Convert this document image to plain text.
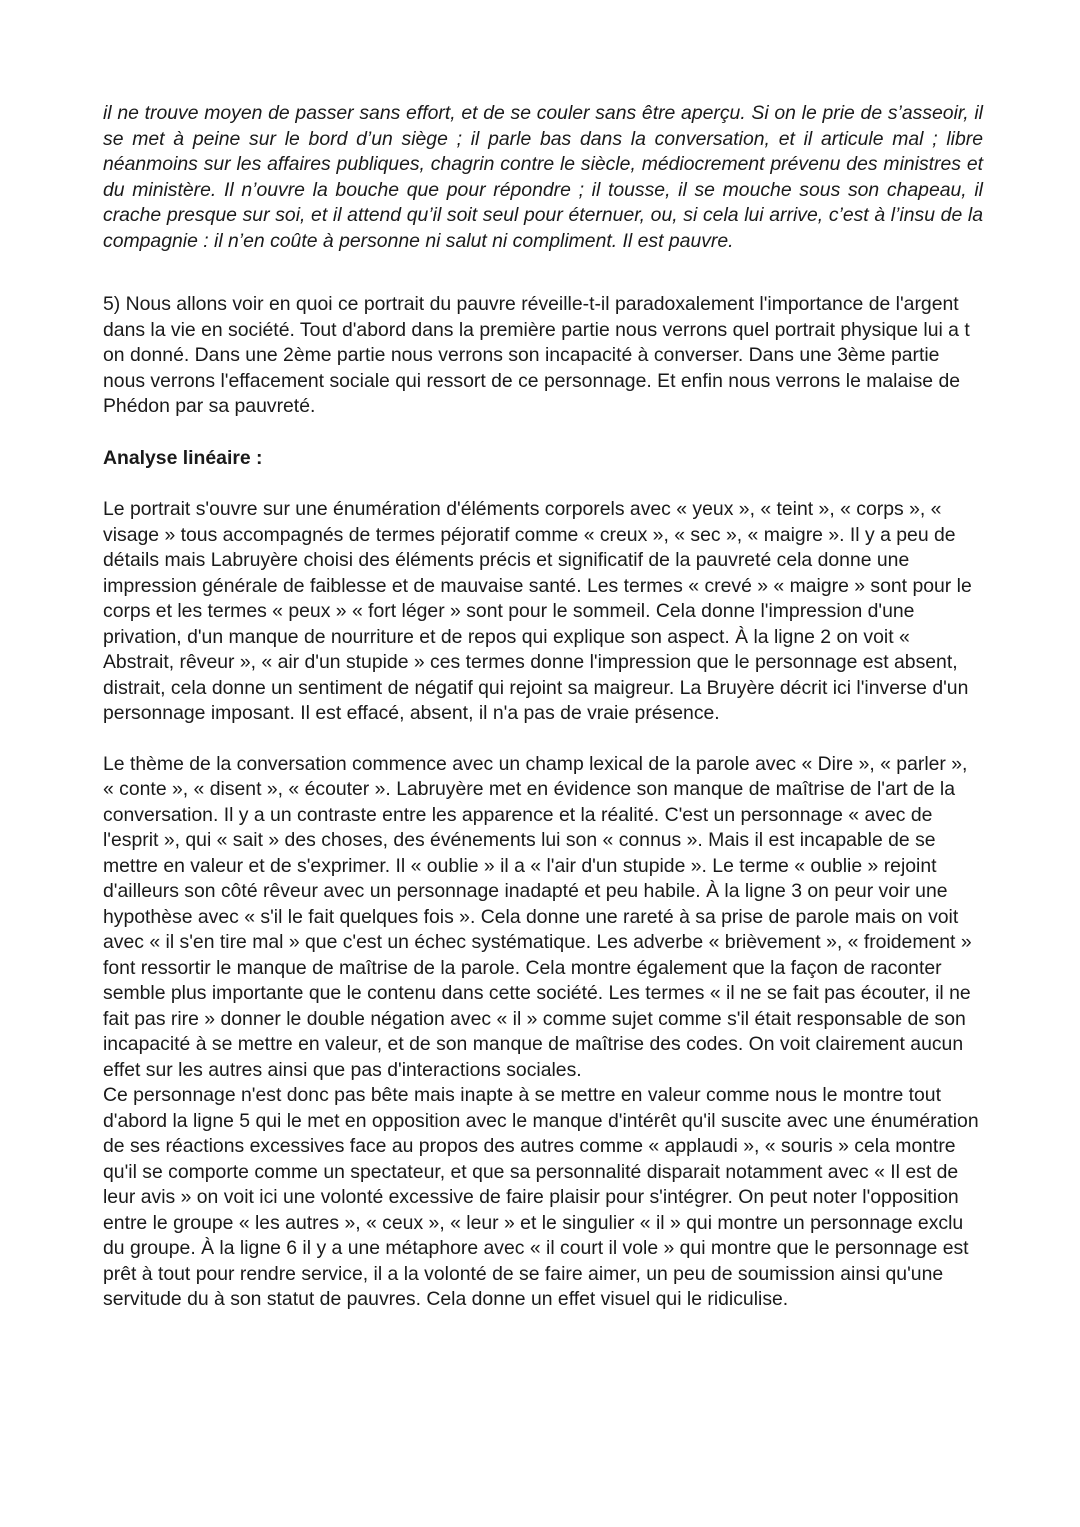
il ne trouve moyen de passer sans effort, et de se couler sans être aperçu. Si on le prie de s’asseoir, il se met à peine sur le bord d’un siège ; il parle bas dans la conversation, et il articule mal ; libre néanmoins sur les affaires publiques, chagrin contre le siècle, médiocrement prévenu des ministres et du ministère. Il n’ouvre la bouche que pour répondre ; il tousse, il se mouche sous son chapeau, il crache presque sur soi, et il attend qu’il soit seul pour éternuer, ou, si cela lui arrive, c’est à l’insu de la compagnie : il n’en coûte à personne ni salut ni compliment. Il est pauvre.

5) Nous allons voir en quoi ce portrait du pauvre réveille-t-il paradoxalement l'importance de l'argent dans la vie en société. Tout d'abord dans la première partie nous verrons quel portrait physique lui a t on donné. Dans une 2ème partie nous verrons son incapacité à converser. Dans une 3ème partie nous verrons l'effacement sociale qui ressort de ce personnage. Et enfin nous verrons le malaise de Phédon par sa pauvreté.

Analyse linéaire :

Le portrait s'ouvre sur une énumération d'éléments corporels avec « yeux », « teint », « corps », « visage » tous accompagnés de termes péjoratif comme « creux », « sec », « maigre ». Il y a peu de détails mais Labruyère choisi des éléments précis et significatif de la pauvreté cela donne une impression générale de faiblesse et de mauvaise santé. Les termes « crevé » « maigre » sont pour le corps et les termes « peux » « fort léger » sont pour le sommeil. Cela donne l'impression d'une privation, d'un manque de nourriture et de repos qui explique son aspect. À la ligne 2 on voit « Abstrait, rêveur », « air d'un stupide » ces termes donne l'impression que le personnage est absent, distrait, cela donne un sentiment de négatif qui rejoint sa maigreur. La Bruyère décrit ici l'inverse d'un personnage imposant. Il est effacé, absent, il n'a pas de vraie présence.

Le thème de la conversation commence avec un champ lexical de la parole avec « Dire », « parler », « conte », « disent », « écouter ». Labruyère met en évidence son manque de maîtrise de l'art de la conversation. Il y a un contraste entre les apparence et la réalité. C'est un personnage « avec de l'esprit », qui « sait » des choses, des événements lui son « connus ». Mais il est incapable de se mettre en valeur et de s'exprimer. Il « oublie » il a « l'air d'un stupide ». Le terme « oublie » rejoint d'ailleurs son côté rêveur avec un personnage inadapté et peu habile. À la ligne 3 on peur voir une hypothèse avec « s'il le fait quelques fois ». Cela donne une rareté à sa prise de parole mais on voit avec « il s'en tire mal » que c'est un échec systématique. Les adverbe « brièvement », « froidement » font ressortir le manque de maîtrise de la parole. Cela montre également que la façon de raconter semble plus importante que le contenu dans cette société. Les termes « il ne se fait pas écouter, il ne fait pas rire » donner le double négation avec « il » comme sujet comme s'il était responsable de son incapacité à se mettre en valeur, et de son manque de maîtrise des codes. On voit clairement aucun effet sur les autres ainsi que pas d'interactions sociales.

Ce personnage n'est donc pas bête mais inapte à se mettre en valeur comme nous le montre tout d'abord la ligne 5 qui le met en opposition avec le manque d'intérêt qu'il suscite avec une énumération de ses réactions excessives face au propos des autres comme « applaudi », « souris » cela montre qu'il se comporte comme un spectateur, et que sa personnalité disparait notamment avec « Il est de leur avis » on voit ici une volonté excessive de faire plaisir pour s'intégrer. On peut noter l'opposition entre le groupe « les autres », « ceux », « leur » et le singulier « il » qui montre un personnage exclu du groupe. À la ligne 6 il y a une métaphore avec « il court il vole » qui montre que le personnage est prêt à tout pour rendre service, il a la volonté de se faire aimer, un peu de soumission ainsi qu'une servitude du à son statut de pauvres. Cela donne un effet visuel qui le ridiculise.
